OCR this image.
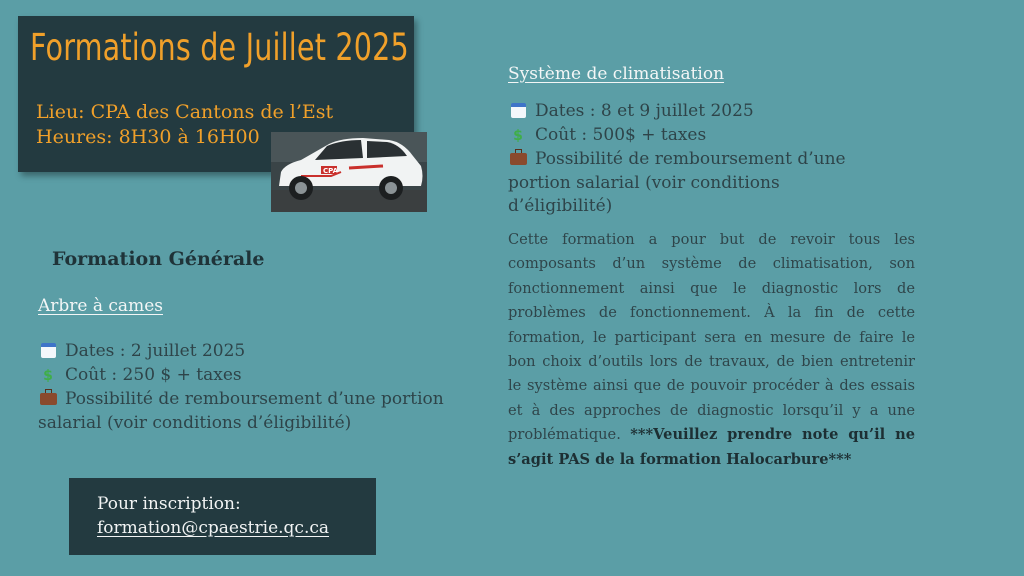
Formations de Juillet 2025
Lieu: CPA des Cantons de l’Est
Heures: 8H30 à 16H00
CPA
Formation Générale
Arbre à cames
Dates : 2 juillet 2025
$ Coût : 250 $ + taxes
Possibilité de remboursement d’une portion
salarial (voir conditions d’éligibilité)
Système de climatisation
Dates : 8 et 9 juillet 2025
$ Coût : 500$ + taxes
Possibilité de remboursement d’une
portion salarial (voir conditions
d’éligibilité)
Cette formation a pour but de revoir tous les composants d’un système de climatisation, son fonctionnement ainsi que le diagnostic lors de problèmes de fonctionnement. À la fin de cette formation, le participant sera en mesure de faire le bon choix d’outils lors de travaux, de bien entretenir le système ainsi que de pouvoir procéder à des essais et à des approches de diagnostic lorsqu’il y a une problématique. ***Veuillez prendre note qu’il ne s’agit PAS de la formation Halocarbure***
Pour inscription:
formation@cpaestrie.qc.ca
